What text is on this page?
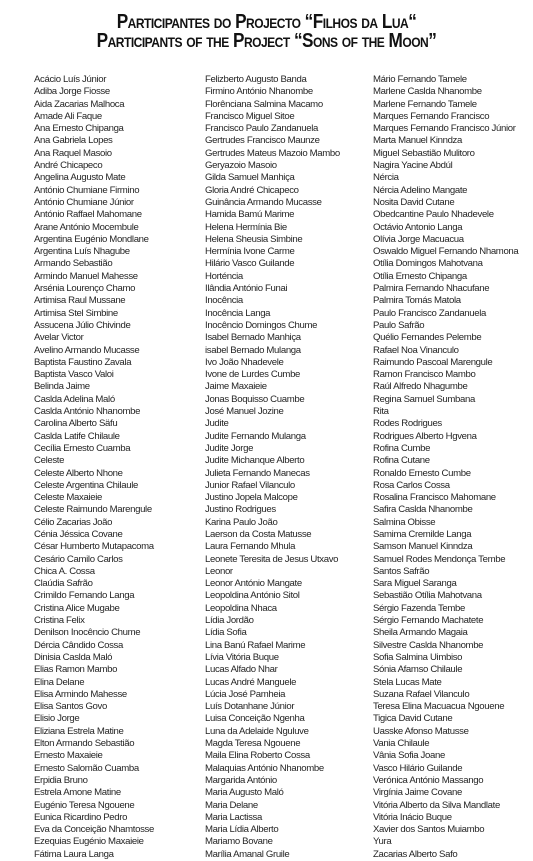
Participantes do Projecto “Filhos da Lua“
Participants of the Project “Sons of the Moon”
Acácio Luís Júnior
Adiba Jorge Fiosse
Aida Zacarias Malhoca
Amade Ali Faque
Ana Ernesto Chipanga
Ana Gabriela Lopes
Ana Raquel Masoio
André Chicapeco
Angelina Augusto Mate
António Chumiane Firmino
António Chumiane Júnior
António Raffael Mahomane
Arane António Mocembule
Argentina Eugénio Mondlane
Argentina Luís Nhagube
Armando Sebastião
Armindo Manuel Mahesse
Arsénia Lourenço Chamo
Artimisa Raul Mussane
Artimisa Stel Simbine
Assucena Júlio Chivinde
Avelar Victor
Avelino Armando Mucasse
Baptista Faustino Zavala
Baptista Vasco Valoi
Belinda Jaime
Caslda Adelina Maló
Caslda António Nhanombe
Carolina Alberto Säfu
Caslda Latife Chilaule
Cecília Ernesto Cuamba
Celeste
Celeste Alberto Nhone
Celeste Argentina Chilaule
Celeste Maxaieie
Celeste Raimundo Marengule
Célio Zacarias João
Cénia Jéssica Covane
César Humberto Mutapacoma
Cesário Camilo Carlos
Chica A. Cossa
Claúdia Safrão
Crimildo Fernando Langa
Cristina Alice Mugabe
Cristina Felix
Denilson Inocêncio Chume
Dércia Cândido Cossa
Dinisia Caslda Maló
Elias Ramon Mambo
Elina Delane
Elisa Armindo Mahesse
Elisa Santos Govo
Elisio Jorge
Eliziana Estrela Matine
Elton Armando Sebastião
Ernesto Maxaieie
Ernesto Salomão Cuamba
Erpidia Bruno
Estrela Amone Matine
Eugénio Teresa Ngouene
Eunica Ricardino Pedro
Eva da Conceição Nhamtosse
Ezequias Eugénio Maxaieie
Fátima Laura Langa
Felizberto Augusto Banda
Firmino António Nhanombe
Florênciana Salmina Macamo
Francisco Miguel Sitoe
Francisco Paulo Zandanuela
Gertrudes Francisco Maunze
Gertrudes Mateus Mazoio Mambo
Geryazoio Masoio
Gilda Samuel Manhiça
Gloria André Chicapeco
Guinância Armando Mucasse
Hamida Bamú Marime
Helena Hermínia Bie
Helena Sheusia Simbine
Hermínia Ivone Carme
Hilário Vasco Guilande
Horténcia
Ilândia António Funai
Inocência
Inocência Langa
Inocêncio Domingos Chume
Isabel Bernado Manhiça
isabel Bernado Mulanga
Ivo João Nhadevele
Ivone de Lurdes Cumbe
Jaime Maxaieie
Jonas Boquisso Cuambe
José Manuel Jozine
Judite
Judite Fernando Mulanga
Judite Jorge
Judite Michanque Alberto
Julieta Fernando Manecas
Junior Rafael Vilanculo
Justino Jopela Malcope
Justino Rodrigues
Karina Paulo João
Laerson da Costa Matusse
Laura Fernando Mhula
Leonete Teresita de Jesus Utxavo
Leonor
Leonor António Mangate
Leopoldina António Sitol
Leopoldina Nhaca
Lídia Jordão
Lídia Sofia
Lina Banú Rafael Marime
Lívia Vitória Buque
Lucas Alfado Nhar
Lucas André Manguele
Lúcia José Pamheia
Luís Dotanhane Júnior
Luisa Conceição Ngenha
Luna da Adelaide Nguluve
Magda Teresa Ngouene
Maila Elina Roberto Cossa
Malaquias António Nhanombe
Margarida António
Maria Augusto Maló
Maria Delane
Maria Lactissa
Maria Lídia Alberto
Mariamo Bovane
Marília Amanal Gruile
Mário Fernando Tamele
Marlene Caslda Nhanombe
Marlene Fernando Tamele
Marques Fernando Francisco
Marques Fernando Francisco Júnior
Marta Manuel Kinndza
Miguel Sebastião Mulitoro
Nagira Yacine Abdúl
Nércia
Nércia Adelino Mangate
Nosita David Cutane
Obedcantine Paulo Nhadevele
Octávio Antonio Langa
Olívia Jorge Macuacua
Oswaldo Miguel Fernando Nhamona
Otília Domingos Mahotvana
Otília Ernesto Chipanga
Palmira Fernando Nhacufane
Palmira Tomás Matola
Paulo Francisco Zandanuela
Paulo Safrão
Quélio Fernandes Pelembe
Rafael Noa Vinanculo
Raimundo Pascoal Marengule
Ramon Francisco Mambo
Raúl Alfredo Nhagumbe
Regina Samuel Sumbana
Rita
Rodes Rodrigues
Rodrigues Alberto Hgvena
Rofina Cumbe
Rofina Cutane
Ronaldo Ernesto Cumbe
Rosa Carlos Cossa
Rosalina Francisco Mahomane
Safira Caslda Nhanombe
Salmina Obisse
Samima Cremilde Langa
Samson Manuel Kinndza
Samuel Rodes Mendonça Tembe
Santos Safrão
Sara Miguel Saranga
Sebastião Otília Mahotvana
Sérgio Fazenda Tembe
Sérgio Fernando Machatete
Sheila Armando Magaia
Silvestre Caslda Nhanombe
Sofia Salmina Uimbiso
Sónia Afamso Chilaule
Stela Lucas Mate
Suzana Rafael Vilanculo
Teresa Elina Macuacua Ngouene
Tigica David Cutane
Uasske Afonso Matusse
Vania Chilaule
Vânia Sofia Joane
Vasco Hilário Guilande
Verónica António Massango
Virgínia Jaime Covane
Vitória Alberto da Silva Mandlate
Vitória Inácio Buque
Xavier dos Santos Muiambo
Yura
Zacarias Alberto Safo
